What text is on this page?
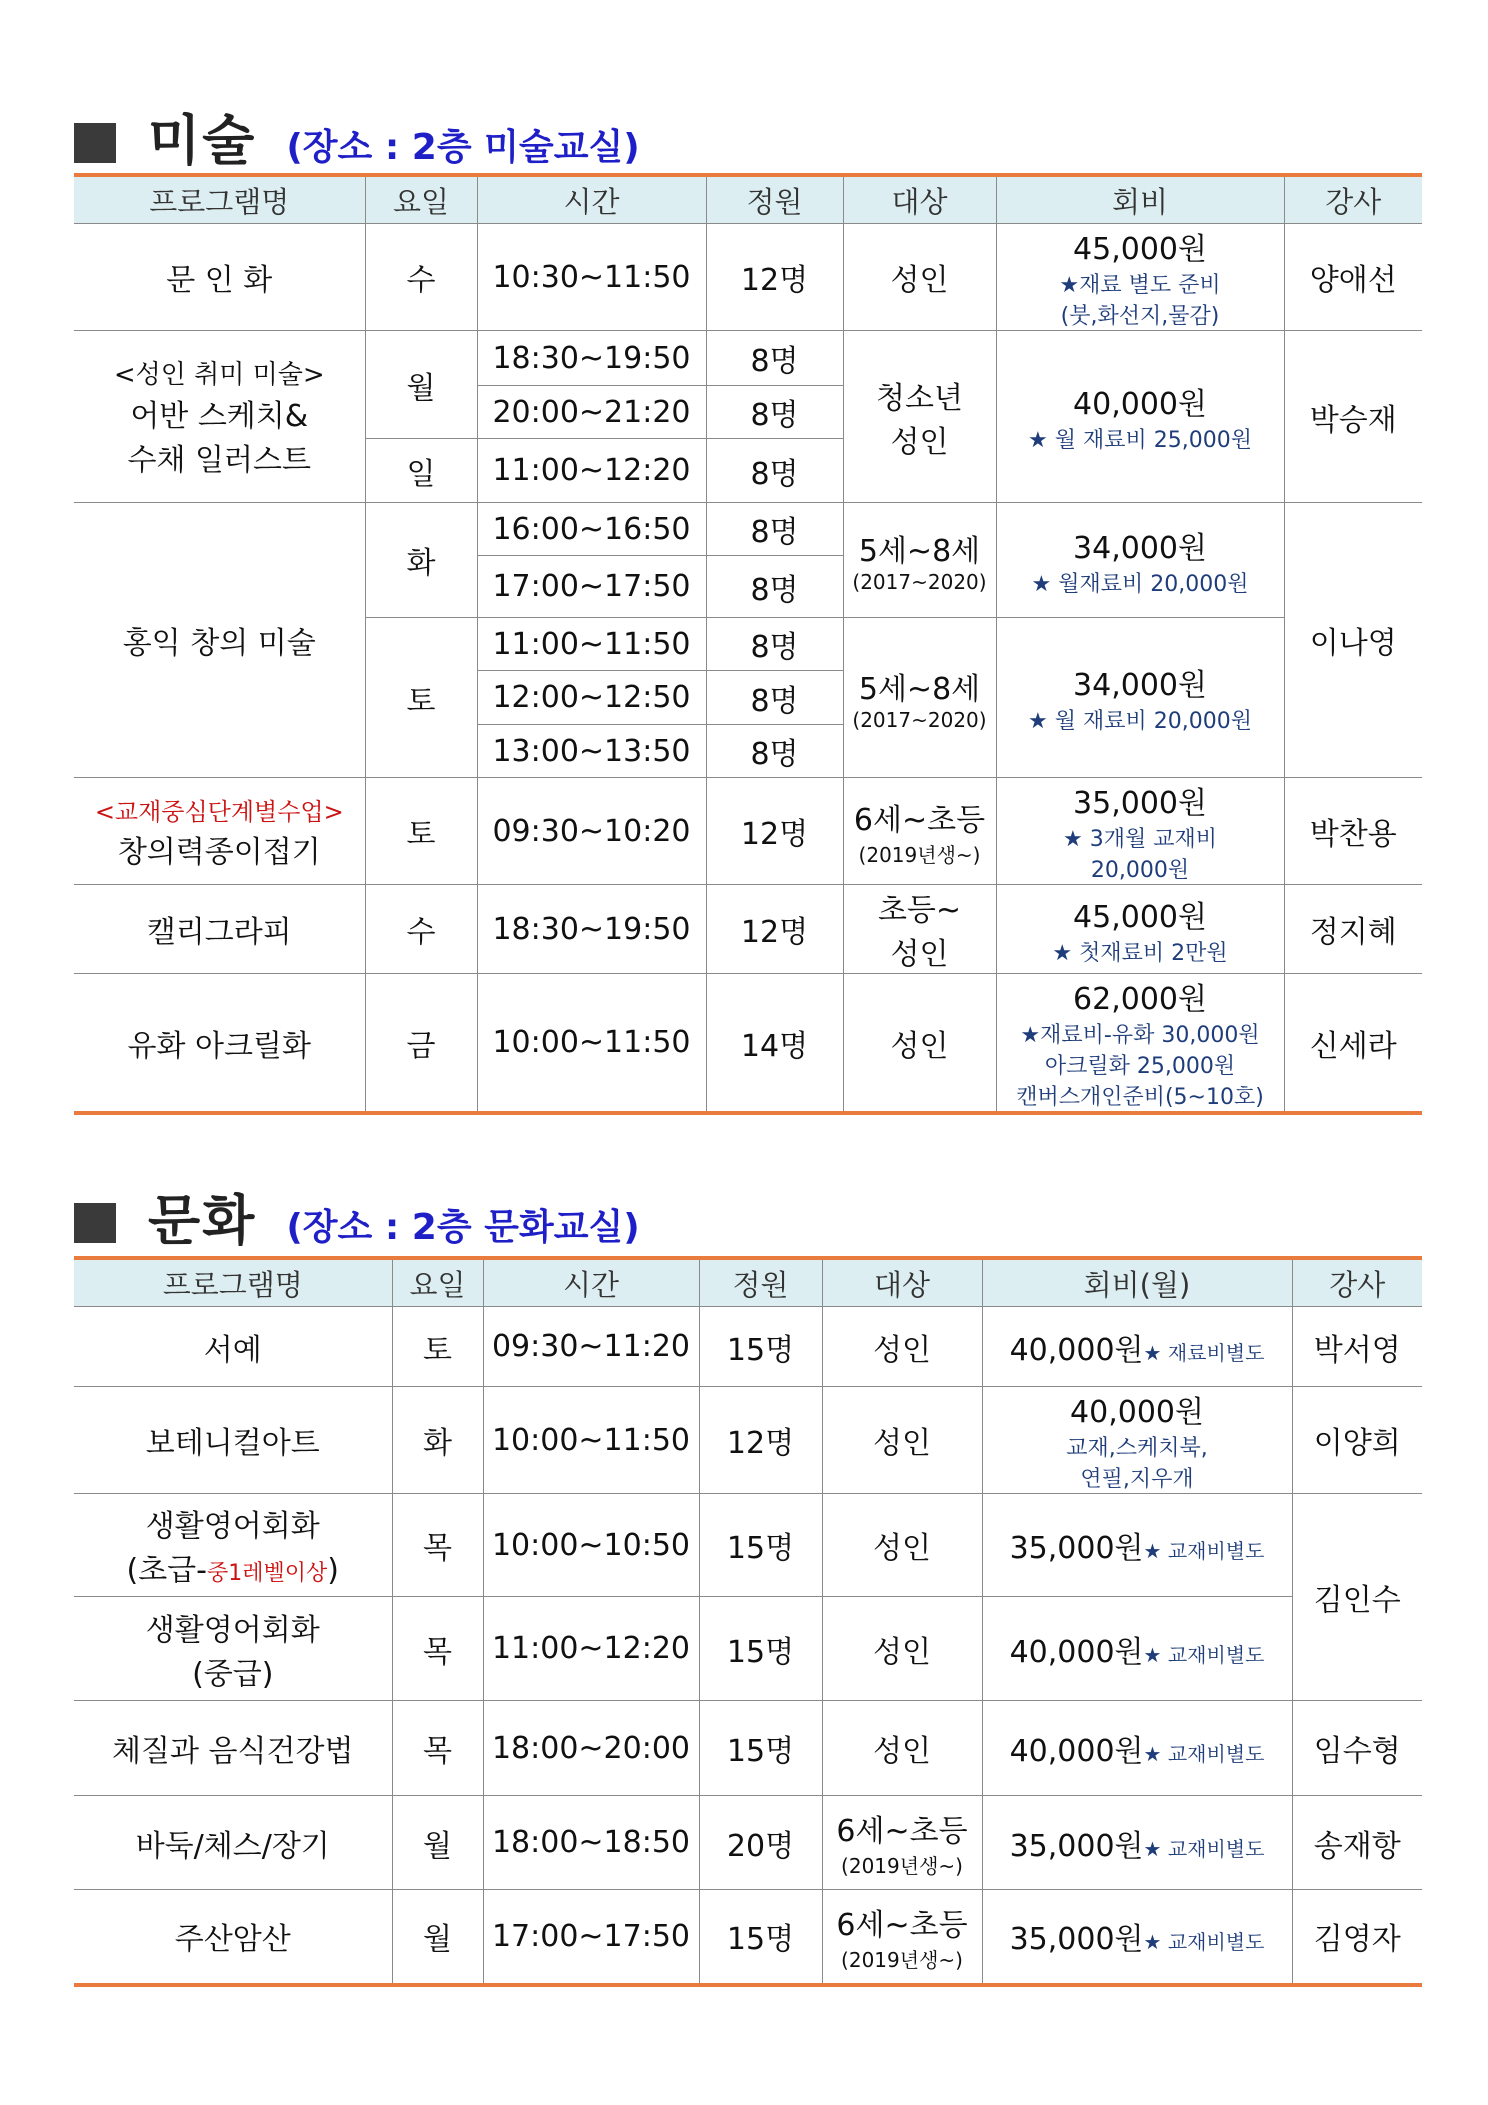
미술 (장소 : 2층 미술교실)
프로그램명	요일	시간	정원	대상	회비	강사
문 인 화	수	10:30~11:50	12명	성인	45,000원
★재료 별도 준비
(붓,화선지,물감)	양애선

<성인 취미 미술>
어반 스케치&
수채 일러스트	월	18:30~19:50	8명	청소년
성인	40,000원
★ 월 재료비 25,000원	박승재
		20:00~21:20	8명			
	일	11:00~12:20	8명			
홍익 창의 미술	화	16:00~16:50	8명	5세~8세
(2017~2020)	34,000원
★ 월재료비 20,000원	이나영
		17:00~17:50	8명			
	토	11:00~11:50	8명	5세~8세
(2017~2020)	34,000원
★ 월 재료비 20,000원	

		12:00~12:50	8명			
		13:00~13:50	8명			

<교재중심단계별수업>
창의력종이접기	토	09:30~10:20	12명	6세~초등
(2019년생~)	35,000원
★ 3개월 교재비
20,000원	박찬용
캘리그라피	수	18:30~19:50	12명	초등~
성인	45,000원
★ 첫재료비 2만원	정지혜
유화 아크릴화	금	10:00~11:50	14명	성인	62,000원
★재료비-유화 30,000원
아크릴화 25,000원
캔버스개인준비(5~10호)	신세라
문화 (장소 : 2층 문화교실)
프로그램명	요일	시간	정원	대상	회비(월)	강사
서예	토	09:30~11:20	15명	성인	40,000원★ 재료비별도	박서영
보테니컬아트	화	10:00~11:50	12명	성인	40,000원
교재,스케치북,
연필,지우개	이양희

생활영어회화
(초급-중1레벨이상)	목	10:00~10:50	15명	성인	35,000원★ 교재비별도	김인수

생활영어회화
(중급)	목	11:00~12:20	15명	성인	40,000원★ 교재비별도	
체질과 음식건강법	목	18:00~20:00	15명	성인	40,000원★ 교재비별도	임수형
바둑/체스/장기	월	18:00~18:50	20명	6세~초등
(2019년생~)	35,000원★ 교재비별도	송재항
주산암산	월	17:00~17:50	15명	6세~초등
(2019년생~)	35,000원★ 교재비별도	김영자
